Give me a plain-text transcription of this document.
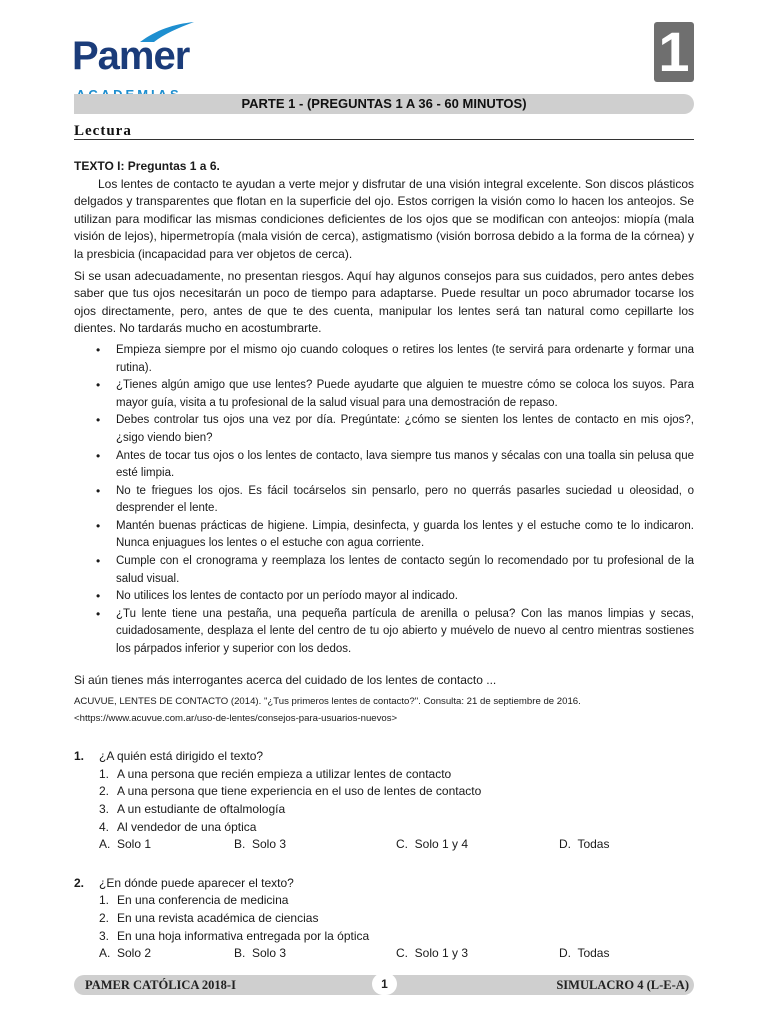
Pamer	1
PARTE 1 - (PREGUNTAS 1 A 36 - 60 MINUTOS)
Lectura
TEXTO I: Preguntas 1 a 6.
Los lentes de contacto te ayudan a verte mejor y disfrutar de una visión integral excelente. Son discos plásticos delgados y transparentes que flotan en la superficie del ojo. Estos corrigen la visión como lo hacen los anteojos. Se utilizan para modificar las mismas condiciones deficientes de los ojos que se modifican con anteojos: miopía (mala visión de lejos), hipermetropía (mala visión de cerca), astigmatismo (visión borrosa debido a la forma de la córnea) y la presbicia (incapacidad para ver objetos de cerca).
Si se usan adecuadamente, no presentan riesgos. Aquí hay algunos consejos para sus cuidados, pero antes debes saber que tus ojos necesitarán un poco de tiempo para adaptarse. Puede resultar un poco abrumador tocarse los ojos directamente, pero, antes de que te des cuenta, manipular los lentes será tan natural como cepillarte los dientes. No tardarás mucho en acostumbrarte.
• Empieza siempre por el mismo ojo cuando coloques o retires los lentes (te servirá para ordenarte y formar una rutina).
• ¿Tienes algún amigo que use lentes? Puede ayudarte que alguien te muestre cómo se coloca los suyos. Para mayor guía, visita a tu profesional de la salud visual para una demostración de repaso.
• Debes controlar tus ojos una vez por día. Pregúntate: ¿cómo se sienten los lentes de contacto en mis ojos?, ¿sigo viendo bien?
• Antes de tocar tus ojos o los lentes de contacto, lava siempre tus manos y sécalas con una toalla sin pelusa que esté limpia.
• No te friegues los ojos. Es fácil tocárselos sin pensarlo, pero no querrás pasarles suciedad u oleosidad, o desprender el lente.
• Mantén buenas prácticas de higiene. Limpia, desinfecta, y guarda los lentes y el estuche como te lo indicaron. Nunca enjuagues los lentes o el estuche con agua corriente.
• Cumple con el cronograma y reemplaza los lentes de contacto según lo recomendado por tu profesional de la salud visual.
• No utilices los lentes de contacto por un período mayor al indicado.
• ¿Tu lente tiene una pestaña, una pequeña partícula de arenilla o pelusa? Con las manos limpias y secas, cuidadosamente, desplaza el lente del centro de tu ojo abierto y muévelo de nuevo al centro mientras sostienes los párpados inferior y superior con los dedos.
Si aún tienes más interrogantes acerca del cuidado de los lentes de contacto ...
ACUVUE, LENTES DE CONTACTO (2014). "¿Tus primeros lentes de contacto?". Consulta: 21 de septiembre de 2016.
<https://www.acuvue.com.ar/uso-de-lentes/consejos-para-usuarios-nuevos>
1.	¿A quién está dirigido el texto?
1. A una persona que recién empieza a utilizar lentes de contacto
2. A una persona que tiene experiencia en el uso de lentes de contacto
3. A un estudiante de oftalmología
4. Al vendedor de una óptica
A.  Solo 1	B.  Solo 3	C.  Solo 1 y 4	D.  Todas
2.	¿En dónde puede aparecer el texto?
1. En una conferencia de medicina
2. En una revista académica de ciencias
3. En una hoja informativa entregada por la óptica
A.  Solo 2	B.  Solo 3	C.  Solo 1 y 3	D.  Todas
PAMER CATÓLICA 2018-I	1	SIMULACRO 4 (L-E-A)
